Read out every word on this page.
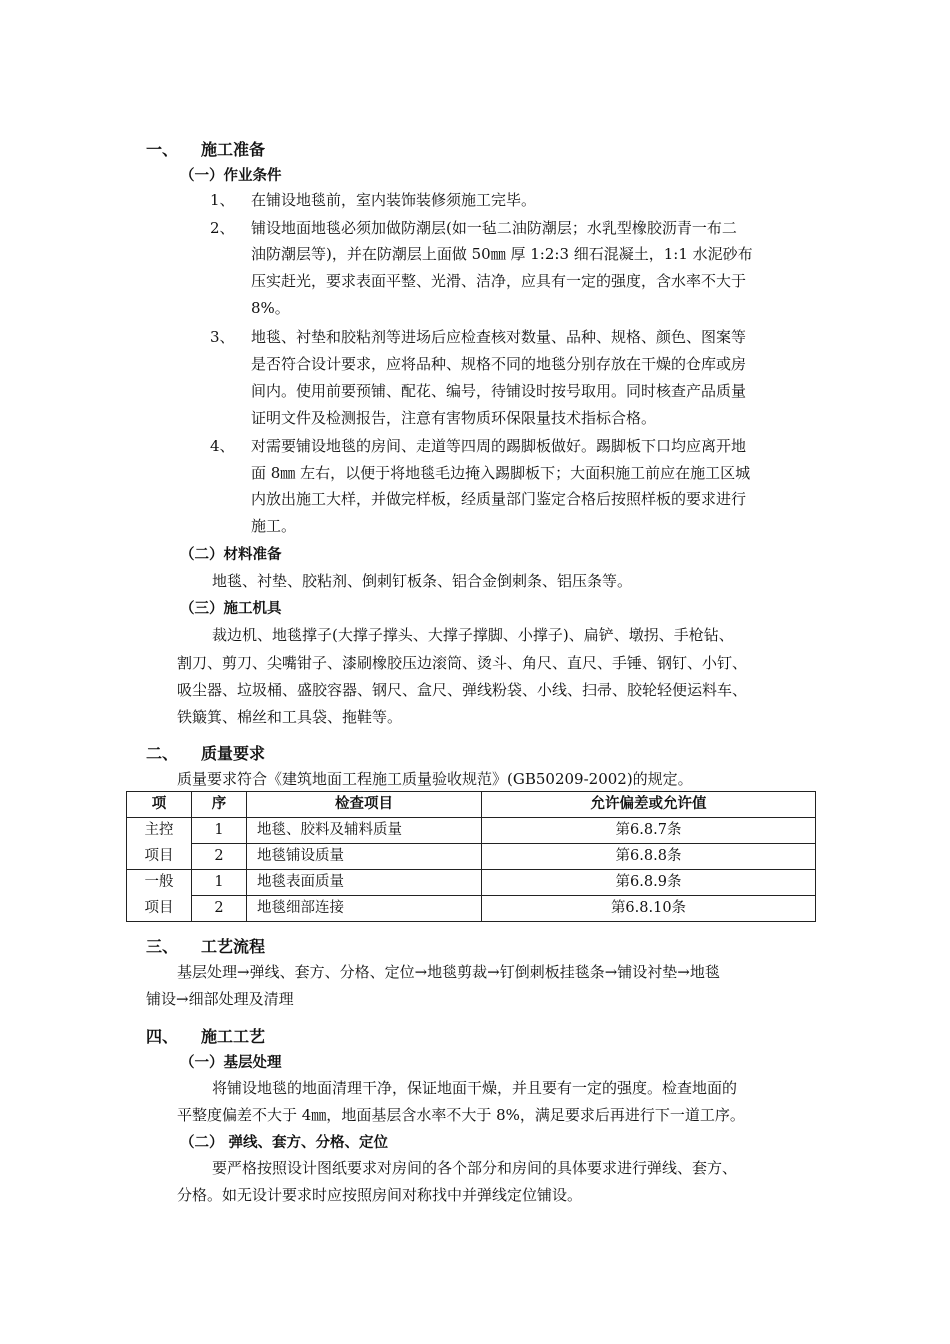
一、 施工准备
（一）作业条件
1、 在铺设地毯前，室内装饰装修须施工完毕。
2、 铺设地面地毯必须加做防潮层(如一毡二油防潮层；水乳型橡胶沥青一布二
油防潮层等)，并在防潮层上面做 50㎜ 厚 1:2:3 细石混凝土，1:1 水泥砂布
压实赶光，要求表面平整、光滑、洁净，应具有一定的强度，含水率不大于
8%。
3、 地毯、衬垫和胶粘剂等进场后应检查核对数量、品种、规格、颜色、图案等
是否符合设计要求，应将品种、规格不同的地毯分别存放在干燥的仓库或房
间内。使用前要预铺、配花、编号，待铺设时按号取用。同时核查产品质量
证明文件及检测报告，注意有害物质环保限量技术指标合格。
4、 对需要铺设地毯的房间、走道等四周的踢脚板做好。踢脚板下口均应离开地
面 8㎜ 左右，以便于将地毯毛边掩入踢脚板下；大面积施工前应在施工区城
内放出施工大样，并做完样板，经质量部门鉴定合格后按照样板的要求进行
施工。
（二）材料准备
地毯、衬垫、胶粘剂、倒刺钉板条、铝合金倒刺条、铝压条等。
（三）施工机具
裁边机、地毯撑子(大撑子撑头、大撑子撑脚、小撑子)、扁铲、墩拐、手枪钻、
割刀、剪刀、尖嘴钳子、漆刷橡胶压边滚筒、烫斗、角尺、直尺、手锤、钢钉、小钉、
吸尘器、垃圾桶、盛胶容器、钢尺、盒尺、弹线粉袋、小线、扫帚、胶轮轻便运料车、
铁簸箕、棉丝和工具袋、拖鞋等。
二、 质量要求
质量要求符合《建筑地面工程施工质量验收规范》(GB50209-2002)的规定。
项	序	检查项目	允许偏差或允许值
主控	1	地毯、胶料及辅料质量	第6.8.7条
项目	2	地毯铺设质量	第6.8.8条
一般	1	地毯表面质量	第6.8.9条
项目	2	地毯细部连接	第6.8.10条
三、 工艺流程
基层处理→弹线、套方、分格、定位→地毯剪裁→钉倒刺板挂毯条→铺设衬垫→地毯
铺设→细部处理及清理
四、 施工工艺
（一）基层处理
将铺设地毯的地面清理干净，保证地面干燥，并且要有一定的强度。检查地面的
平整度偏差不大于 4㎜，地面基层含水率不大于 8%，满足要求后再进行下一道工序。
（二） 弹线、套方、分格、定位
要严格按照设计图纸要求对房间的各个部分和房间的具体要求进行弹线、套方、
分格。如无设计要求时应按照房间对称找中并弹线定位铺设。
